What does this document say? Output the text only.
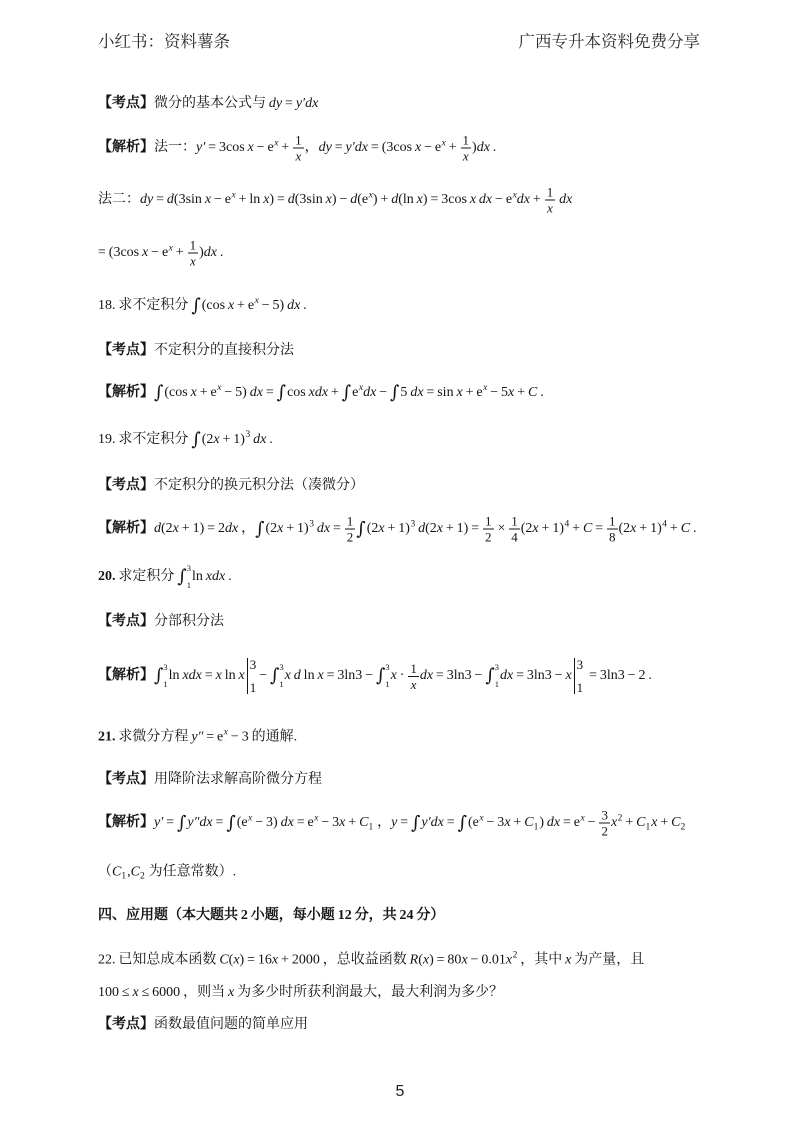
小红书：资料薯条	广西专升本资料免费分享
【考点】微分的基本公式与 dy = y′dx
【解析】法一：y′ = 3cos $x - e^x + \frac{1}{x}$ ，dy = y′dx = (3cos $x - e^x + \frac{1}{x} )dx$ .
法二：dy = d(3sin $x - e^x + \ln x) = d(3\sin$ $x) - d(e^x) + d(\ln$ x) = 3cos x dx − $e^xdx + \frac{1}{x}$ dx
= (3cos $x - e^x + \frac{1}{x} )dx$ .
18. 求不定积分 ∫ (cos $x + e^x - 5$) dx .
【考点】不定积分的直接积分法
【解析】 ∫ (cos $x + e^x - 5$) dx = ∫ cos xdx + ∫ $e^xdx$ − ∫ 5 dx = $\sin x + e^x - 5x + C$ .
19. 求不定积分 ∫ $(2x + 1)^3$ dx .
【考点】不定积分的换元积分法（凑微分）
【解析】d(2x + 1) = 2dx ， ∫ $(2x + 1)^3$ dx = $\frac{1}{2}$ ∫ $(2x + 1)^3$ $d(2x + 1) = \frac{1}{2} \times \frac{1}{4} (2x + 1)^4 + C = \frac{1}{8} (2x + 1)^4 + C$ .
20. 求定积分 ∫ 3
1
ln xdx .
【考点】分部积分法
【解析】 ∫ 3
1
ln xdx = x ln x
3
1
− ∫ 3
1
x d ln x = 3ln3 − ∫ 3
1
$x \cdot \frac{1}{x}$ dx = 3ln3 − ∫ 3
1
dx = 3ln3 − x
3
1
= 3ln3 − 2 .
21. 求微分方程 $y'' = e^x - 3$ 的通解.
【考点】用降阶法求解高阶微分方程
【解析】y′ = ∫ y″dx = ∫ $(e^x - 3)$ dx = $e^x - 3x + C_1$ ，y = ∫ y′dx = ∫ $(e^x - 3x + C_1)$ dx = $e^x - \frac{3}{2} x^2 + C_1x + C_2$
（$C_1,C_2$ 为任意常数）.
四、应用题（本大题共 2 小题，每小题 12 分，共 24 分）
22. 已知总成本函数 C(x) = 16x + 2000 ，总收益函数 $R(x) = 80x - 0.01x^2$ ，其中 x 为产量，且
100 ≤ x ≤ 6000 ，则当 x 为多少时所获利润最大，最大利润为多少？
【考点】函数最值问题的简单应用
5
